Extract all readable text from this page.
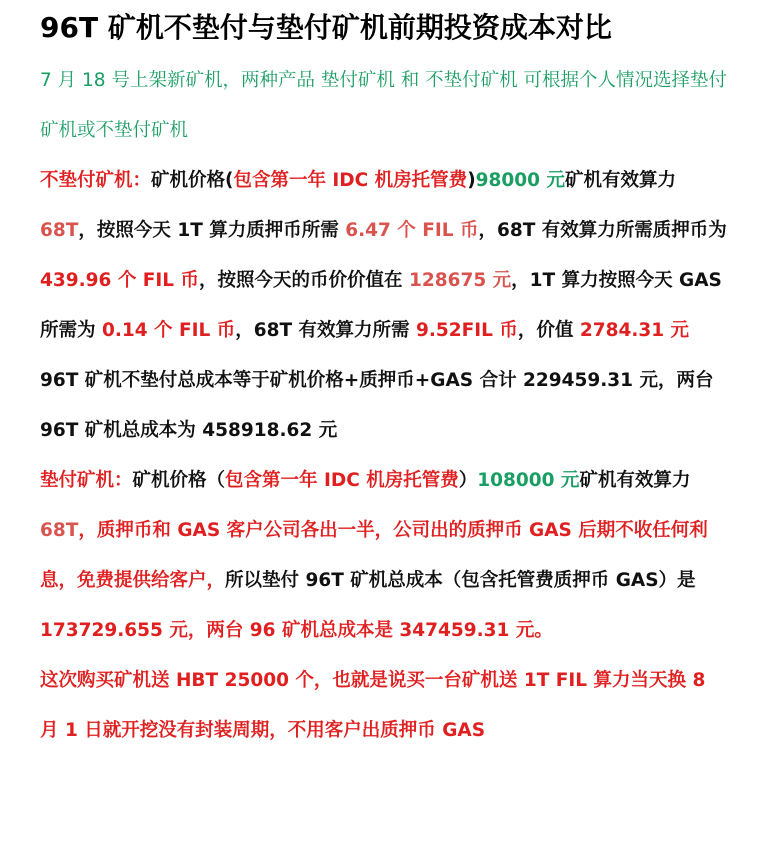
96T 矿机不垫付与垫付矿机前期投资成本对比

7 月 18 号上架新矿机，两种产品 垫付矿机 和 不垫付矿机 可根据个人情况选择垫付矿机或不垫付矿机

不垫付矿机：矿机价格(包含第一年 IDC 机房托管费)98000 元矿机有效算力 68T，按照今天 1T 算力质押币所需 6.47 个 FIL 币，68T 有效算力所需质押币为 439.96 个 FIL 币，按照今天的币价价值在 128675 元，1T 算力按照今天 GAS 所需为 0.14 个 FIL 币，68T 有效算力所需 9.52FIL 币，价值 2784.31 元

96T 矿机不垫付总成本等于矿机价格+质押币+GAS 合计 229459.31 元，两台 96T 矿机总成本为 458918.62 元

垫付矿机：矿机价格（包含第一年 IDC 机房托管费）108000 元矿机有效算力 68T，质押币和 GAS 客户公司各出一半，公司出的质押币 GAS 后期不收任何利息，免费提供给客户，所以垫付 96T 矿机总成本（包含托管费质押币 GAS）是 173729.655 元，两台 96 矿机总成本是 347459.31 元。

这次购买矿机送 HBT 25000 个，也就是说买一台矿机送 1T FIL 算力当天换 8 月 1 日就开挖没有封装周期，不用客户出质押币 GAS
